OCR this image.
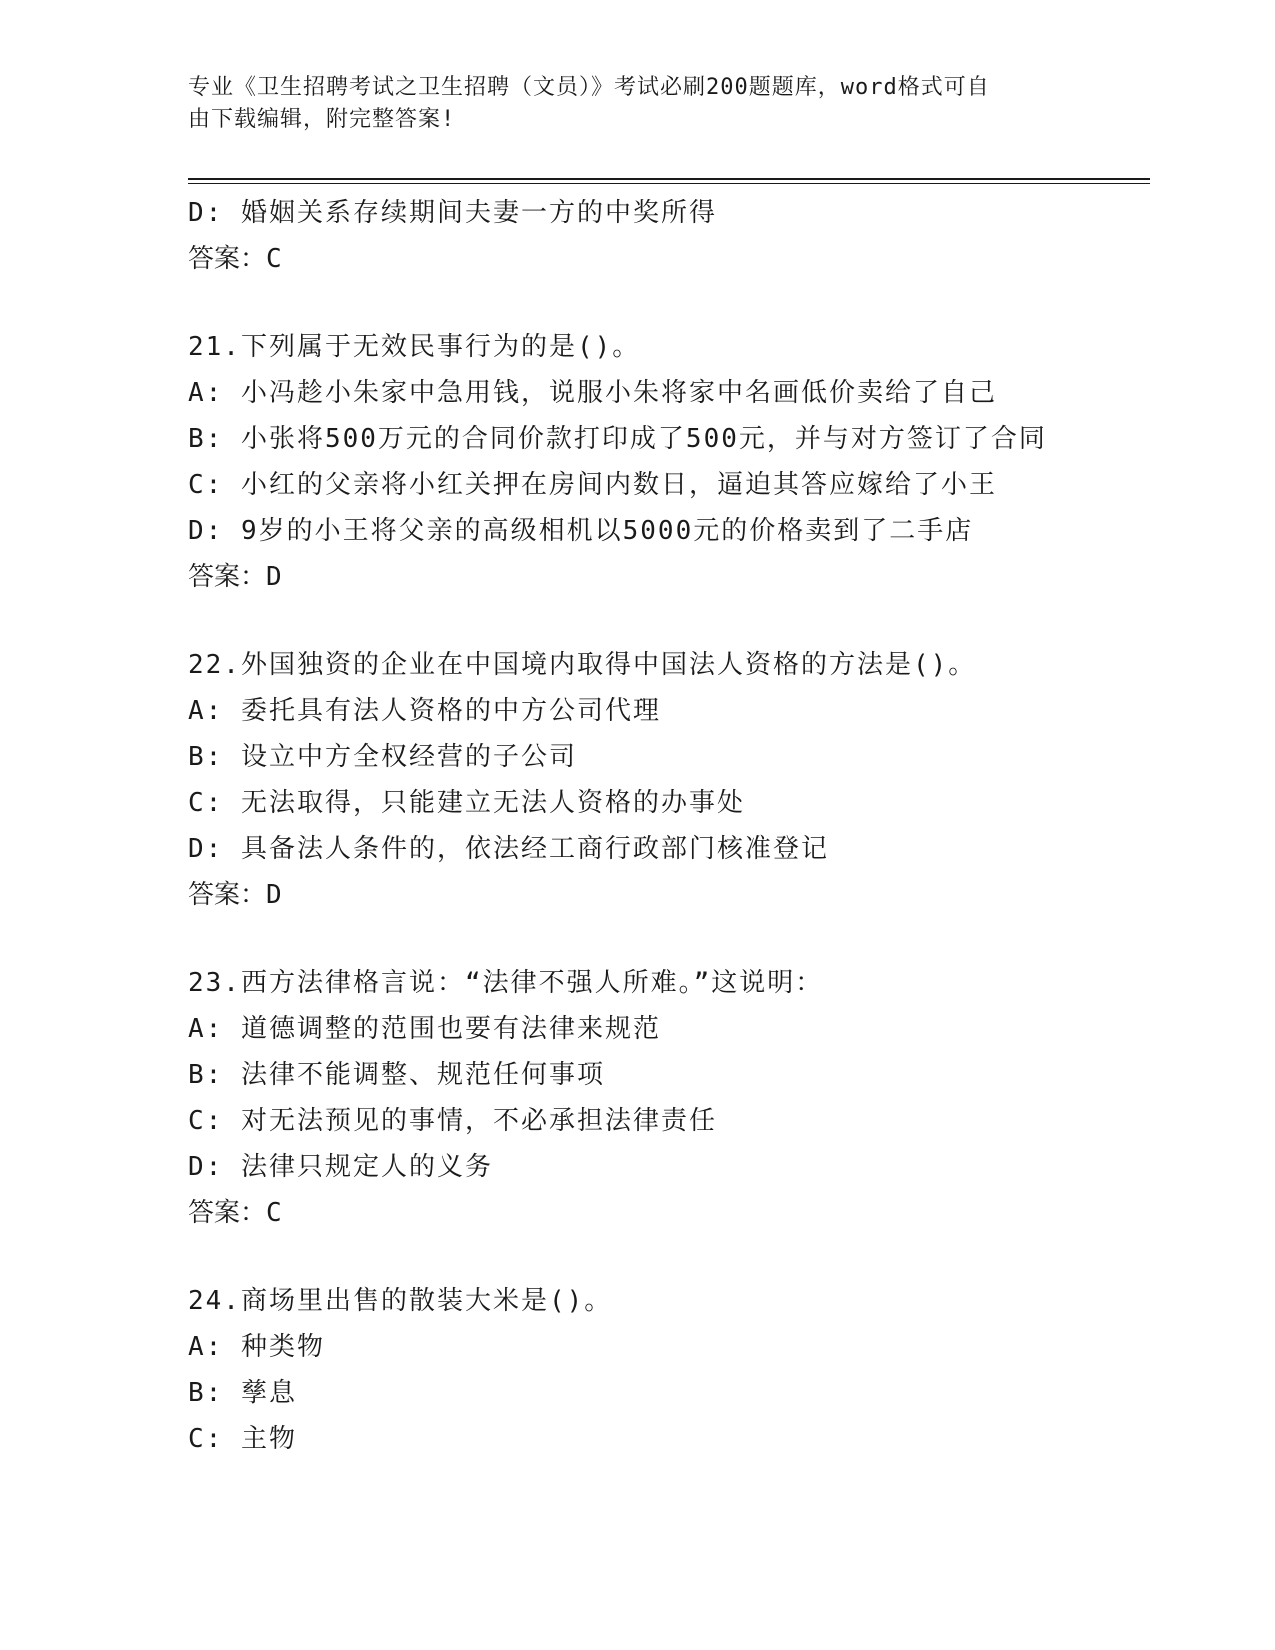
专业《卫生招聘考试之卫生招聘（文员）》考试必刷200题题库，word格式可自
由下载编辑，附完整答案!
D: 婚姻关系存续期间夫妻一方的中奖所得
答案：C
21.下列属于无效民事行为的是()。
A: 小冯趁小朱家中急用钱，说服小朱将家中名画低价卖给了自己
B: 小张将500万元的合同价款打印成了500元，并与对方签订了合同
C: 小红的父亲将小红关押在房间内数日，逼迫其答应嫁给了小王
D: 9岁的小王将父亲的高级相机以5000元的价格卖到了二手店
答案：D
22.外国独资的企业在中国境内取得中国法人资格的方法是()。
A: 委托具有法人资格的中方公司代理
B: 设立中方全权经营的子公司
C: 无法取得，只能建立无法人资格的办事处
D: 具备法人条件的，依法经工商行政部门核准登记
答案：D
23.西方法律格言说：“法律不强人所难。”这说明：
A: 道德调整的范围也要有法律来规范
B: 法律不能调整、规范任何事项
C: 对无法预见的事情，不必承担法律责任
D: 法律只规定人的义务
答案：C
24.商场里出售的散装大米是()。
A: 种类物
B: 孳息
C: 主物
